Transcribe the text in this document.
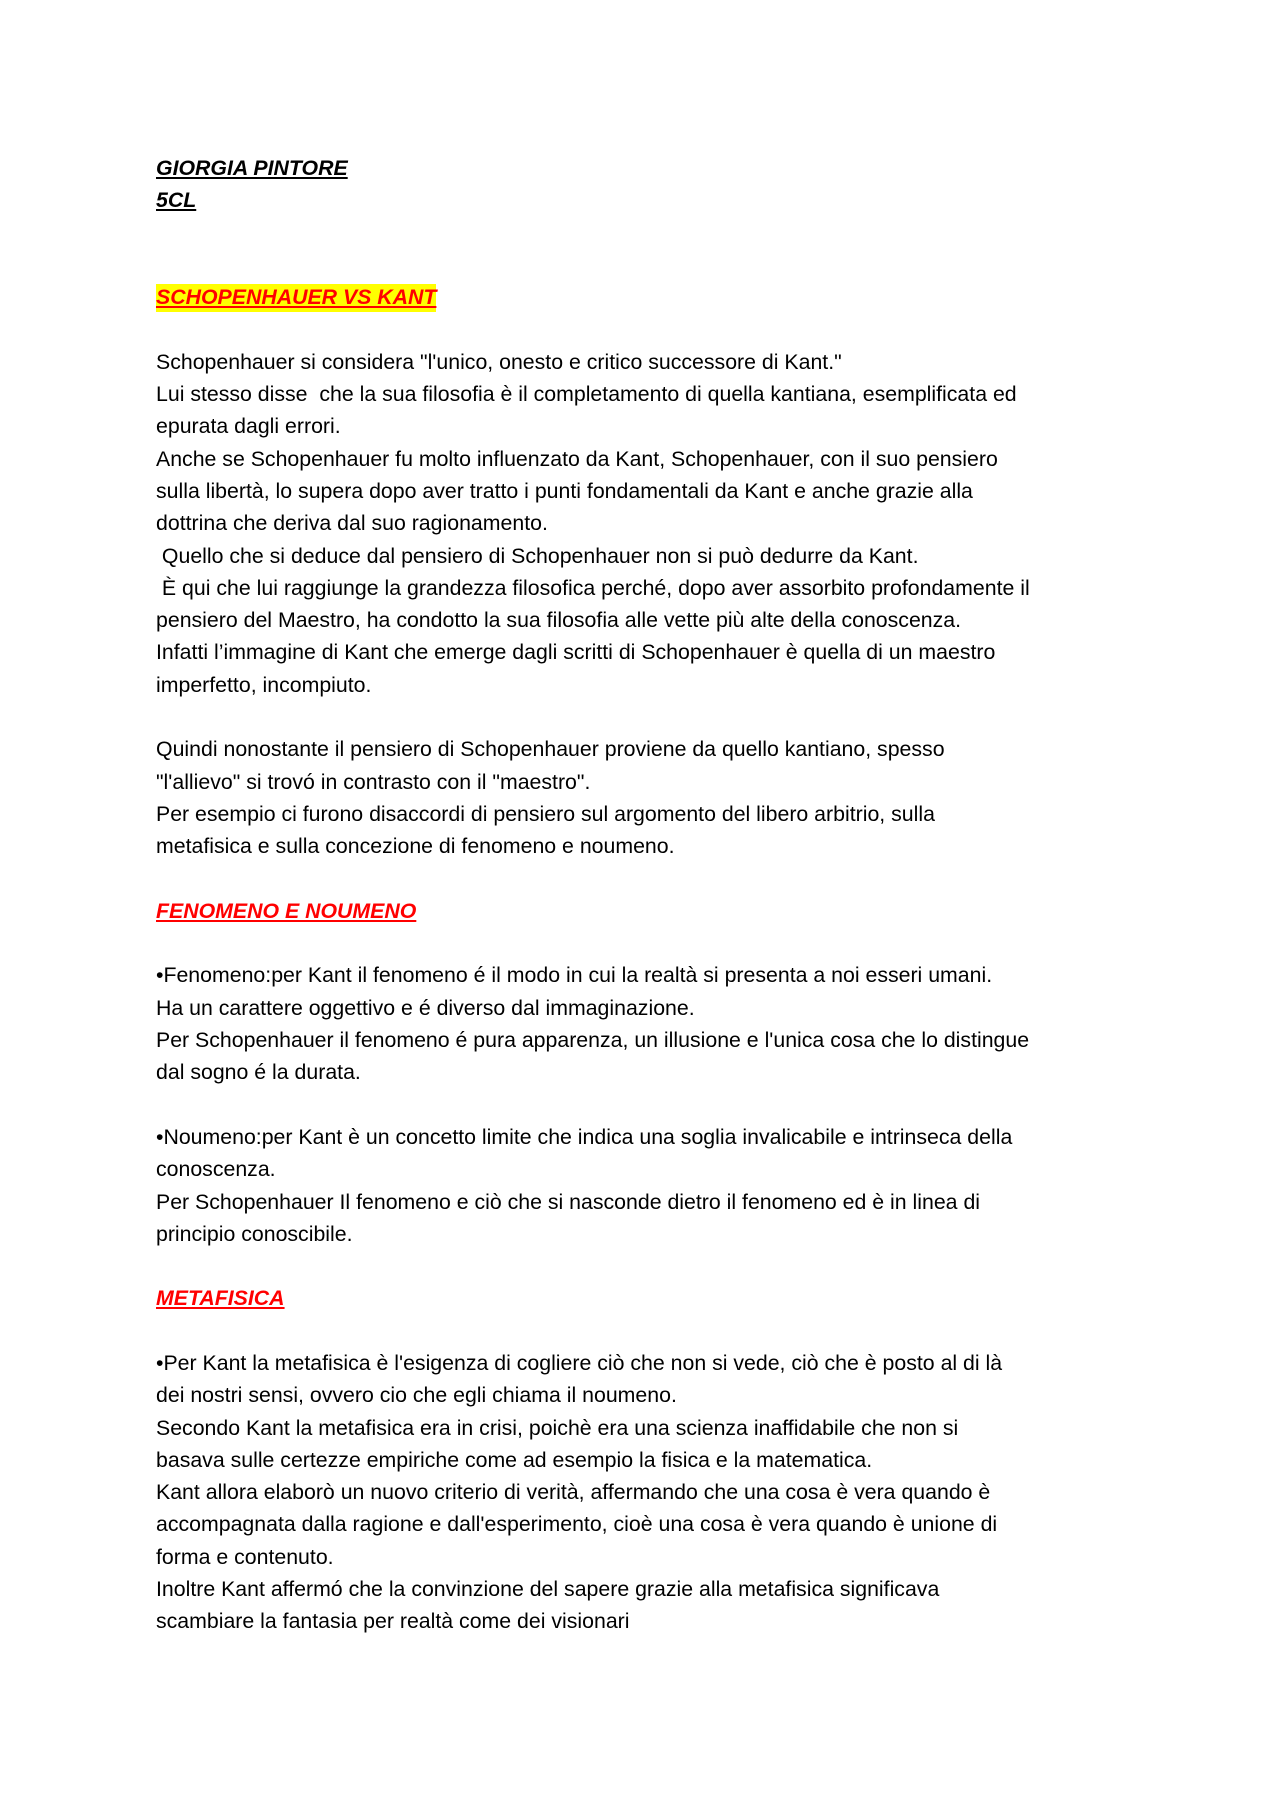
GIORGIA PINTORE
5CL
SCHOPENHAUER VS KANT
Schopenhauer si considera "l'unico, onesto e critico successore di Kant."
Lui stesso disse  che la sua filosofia è il completamento di quella kantiana, esemplificata ed
epurata dagli errori.
Anche se Schopenhauer fu molto influenzato da Kant, Schopenhauer, con il suo pensiero
sulla libertà, lo supera dopo aver tratto i punti fondamentali da Kant e anche grazie alla
dottrina che deriva dal suo ragionamento.
Quello che si deduce dal pensiero di Schopenhauer non si può dedurre da Kant.
È qui che lui raggiunge la grandezza filosofica perché, dopo aver assorbito profondamente il
pensiero del Maestro, ha condotto la sua filosofia alle vette più alte della conoscenza.
Infatti l’immagine di Kant che emerge dagli scritti di Schopenhauer è quella di un maestro
imperfetto, incompiuto.
Quindi nonostante il pensiero di Schopenhauer proviene da quello kantiano, spesso
"l'allievo" si trovó in contrasto con il "maestro".
Per esempio ci furono disaccordi di pensiero sul argomento del libero arbitrio, sulla
metafisica e sulla concezione di fenomeno e noumeno.
FENOMENO E NOUMENO
•Fenomeno:per Kant il fenomeno é il modo in cui la realtà si presenta a noi esseri umani.
Ha un carattere oggettivo e é diverso dal immaginazione.
Per Schopenhauer il fenomeno é pura apparenza, un illusione e l'unica cosa che lo distingue
dal sogno é la durata.
•Noumeno:per Kant è un concetto limite che indica una soglia invalicabile e intrinseca della
conoscenza.
Per Schopenhauer Il fenomeno e ciò che si nasconde dietro il fenomeno ed è in linea di
principio conoscibile.
METAFISICA
•Per Kant la metafisica è l'esigenza di cogliere ciò che non si vede, ciò che è posto al di là
dei nostri sensi, ovvero cio che egli chiama il noumeno.
Secondo Kant la metafisica era in crisi, poichè era una scienza inaffidabile che non si
basava sulle certezze empiriche come ad esempio la fisica e la matematica.
Kant allora elaborò un nuovo criterio di verità, affermando che una cosa è vera quando è
accompagnata dalla ragione e dall'esperimento, cioè una cosa è vera quando è unione di
forma e contenuto.
Inoltre Kant affermó che la convinzione del sapere grazie alla metafisica significava
scambiare la fantasia per realtà come dei visionari
